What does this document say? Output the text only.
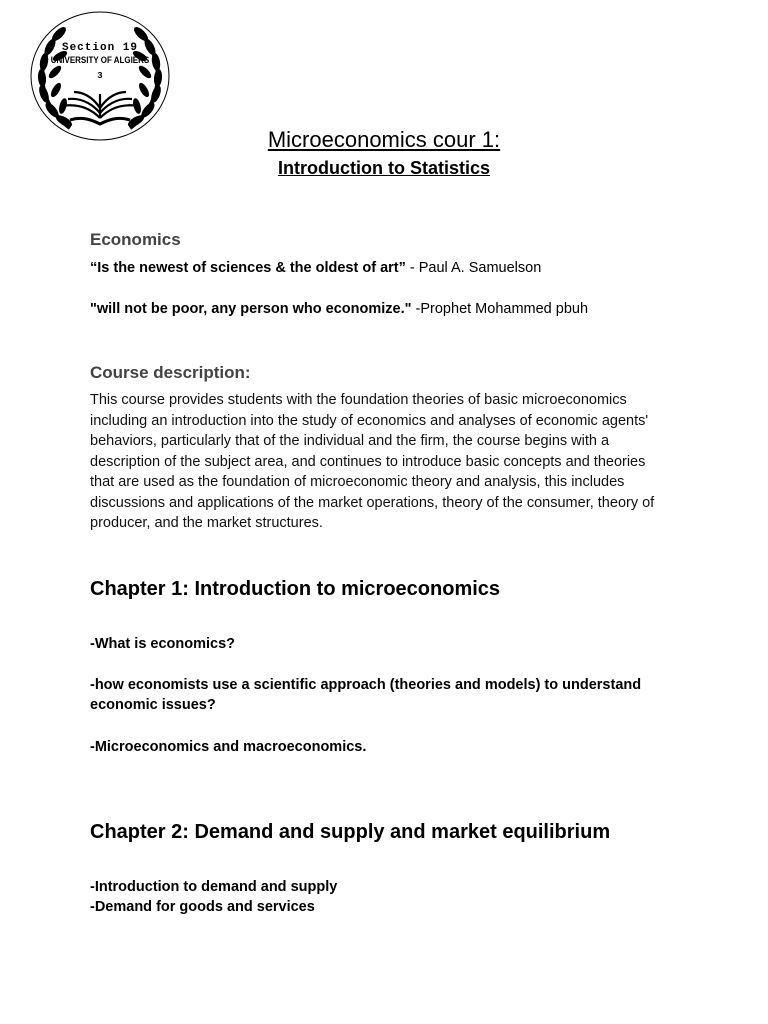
Section 19
UNIVERSITY OF ALGIERS
3
Microeconomics cour 1:
Introduction to Statistics
Economics
“Is the newest of sciences & the oldest of art” - Paul A. Samuelson
"will not be poor, any person who economize." -Prophet Mohammed pbuh
Course description:
This course provides students with the foundation theories of basic microeconomics
including an introduction into the study of economics and analyses of economic agents'
behaviors, particularly that of the individual and the firm, the course begins with a
description of the subject area, and continues to introduce basic concepts and theories
that are used as the foundation of microeconomic theory and analysis, this includes
discussions and applications of the market operations, theory of the consumer, theory of
producer, and the market structures.
Chapter 1: Introduction to microeconomics
-What is economics?
-how economists use a scientific approach (theories and models) to understand
economic issues?
-Microeconomics and macroeconomics.
Chapter 2: Demand and supply and market equilibrium
-Introduction to demand and supply
-Demand for goods and services
